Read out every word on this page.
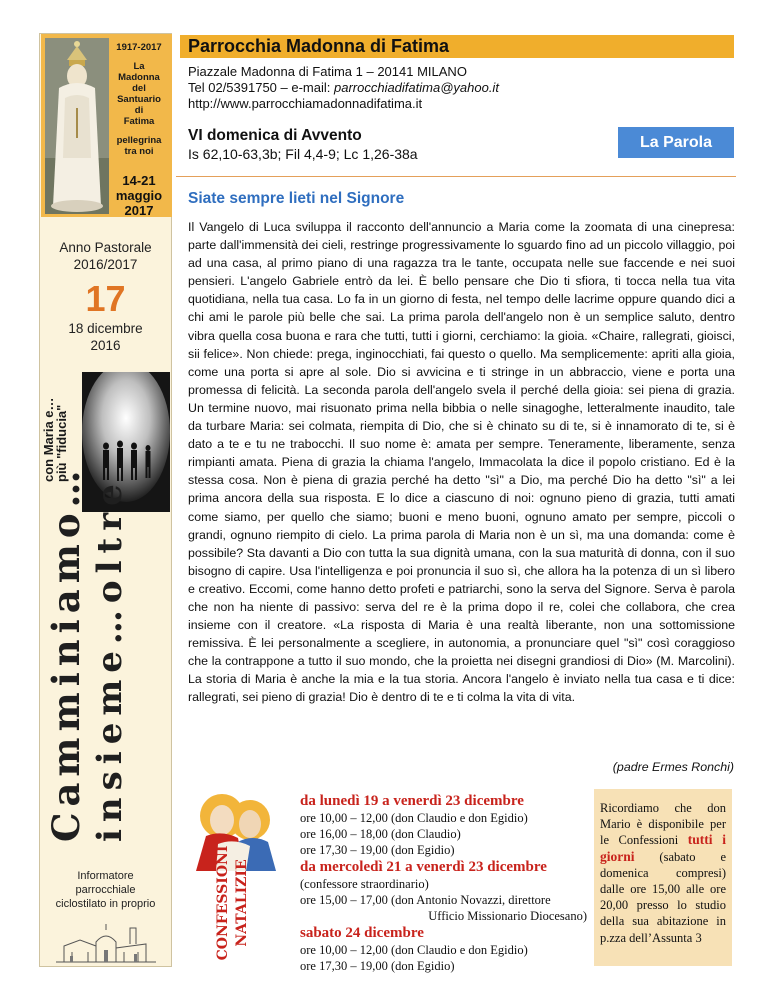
1917-2017
La
Madonna
del
Santuario
di
Fatima
pellegrina
tra noi
14-21
maggio
2017
Anno Pastorale
2016/2017
17
18 dicembre
2016
con Maria e…
più "fiducia"
Camminiamo… insieme…oltre
Informatore
parrocchiale
ciclostilato in proprio
Parrocchia Madonna di Fatima
Piazzale Madonna di Fatima 1 – 20141 MILANO
Tel 02/5391750 – e-mail: parrocchiadifatima@yahoo.it
http://www.parrocchiamadonnadifatima.it
VI domenica di Avvento
Is 62,10-63,3b; Fil 4,4-9; Lc 1,26-38a
La Parola
Siate sempre lieti nel Signore
Il Vangelo di Luca sviluppa il racconto dell'annuncio a Maria come la zoomata di una cinepresa: parte dall'immensità dei cieli, restringe progressivamente lo sguardo fino ad un piccolo villaggio, poi ad una casa, al primo piano di una ragazza tra le tante, occupata nelle sue faccende e nei suoi pensieri. L'angelo Gabriele entrò da lei. È bello pensare che Dio ti sfiora, ti tocca nella tua vita quotidiana, nella tua casa. Lo fa in un giorno di festa, nel tempo delle lacrime oppure quando dici a chi ami le parole più belle che sai. La prima parola dell'angelo non è un semplice saluto, dentro vibra quella cosa buona e rara che tutti, tutti i giorni, cerchiamo: la gioia. «Chaire, rallegrati, gioisci, sii felice». Non chiede: prega, inginocchiati, fai questo o quello. Ma semplicemente: apriti alla gioia, come una porta si apre al sole. Dio si avvicina e ti stringe in un abbraccio, viene e porta una promessa di felicità. La seconda parola dell'angelo svela il perché della gioia: sei piena di grazia. Un termine nuovo, mai risuonato prima nella bibbia o nelle sinagoghe, letteralmente inaudito, tale da turbare Maria: sei colmata, riempita di Dio, che si è chinato su di te, si è innamorato di te, si è dato a te e tu ne trabocchi. Il suo nome è: amata per sempre. Teneramente, liberamente, senza rimpianti amata. Piena di grazia la chiama l'angelo, Immacolata la dice il popolo cristiano. Ed è la stessa cosa. Non è piena di grazia perché ha detto "sì" a Dio, ma perché Dio ha detto "sì" a lei prima ancora della sua risposta. E lo dice a ciascuno di noi: ognuno pieno di grazia, tutti amati come siamo, per quello che siamo; buoni e meno buoni, ognuno amato per sempre, piccoli o grandi, ognuno riempito di cielo. La prima parola di Maria non è un sì, ma una domanda: come è possibile? Sta davanti a Dio con tutta la sua dignità umana, con la sua maturità di donna, con il suo bisogno di capire. Usa l'intelligenza e poi pronuncia il suo sì, che allora ha la potenza di un sì libero e creativo. Eccomi, come hanno detto profeti e patriarchi, sono la serva del Signore. Serva è parola che non ha niente di passivo: serva del re è la prima dopo il re, colei che collabora, che crea insieme con il creatore. «La risposta di Maria è una realtà liberante, non una sottomissione remissiva. È lei personalmente a scegliere, in autonomia, a pronunciare quel "sì" così coraggioso che la contrappone a tutto il suo mondo, che la proietta nei disegni grandiosi di Dio» (M. Marcolini). La storia di Maria è anche la mia e la tua storia. Ancora l'angelo è inviato nella tua casa e ti dice: rallegrati, sei pieno di grazia! Dio è dentro di te e ti colma la vita di vita.
(padre Ermes Ronchi)
CONFESSIONI NATALIZIE
da lunedì 19 a venerdì 23 dicembre
ore 10,00 – 12,00 (don Claudio e don Egidio)
ore 16,00 – 18,00 (don Claudio)
ore 17,30 – 19,00 (don Egidio)
da mercoledì 21 a venerdì 23 dicembre
(confessore straordinario)
ore 15,00 – 17,00 (don Antonio Novazzi, direttore
Ufficio Missionario Diocesano)
sabato 24 dicembre
ore 10,00 – 12,00 (don Claudio e don Egidio)
ore 17,30 – 19,00 (don Egidio)
Ricordiamo che don Mario è disponibile per le Confessioni tutti i giorni (sabato e domenica compresi) dalle ore 15,00 alle ore 20,00 presso lo studio della sua abitazione in p.zza dell’Assunta 3
